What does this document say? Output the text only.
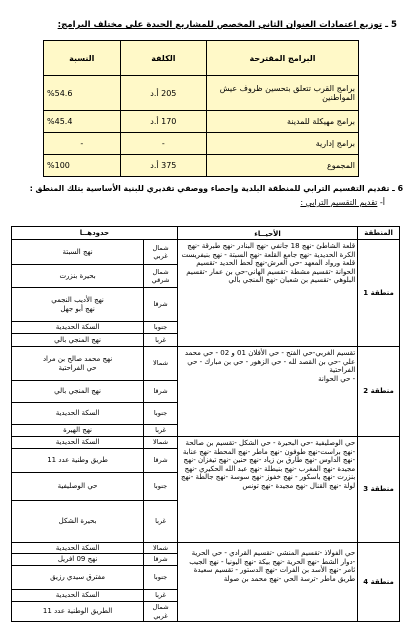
5 ـ توزيع اعتمادات العنوان الثاني المخصص للمشاريع الجيدة على مختلف البرامج:
البرامج المقترحة	الكلفة	النسبة
برامج القرب تتعلق بتحسين ظروف عيش المواطنين	205 أ.د	%54.6
برامج مهيكلة للمدينة	170 أ.د	%45.4
برامج إدارية	-	-
المجموع	375 أ.د	%100
6 ـ تقديم التقسيم الترابي للمنطقة البلدية وإحصاء ووصفي تقديري للبنية الأساسية بتلك المنطق :
أ- تقديم التقسيم الترابي :
المنطقة	الأحيــاء	حدودهــا	
منطقة 1	قلعة الشاطئ -نهج 18 جانفي -نهج البنادر -نهج طبرقة -نهج الكرة الحديدية -نهج جامع القلعة -نهج السبتة - نهج بنيفريست قلعة ورواد المعهد -حي العرش-نهج لحط الحديد -تقسيم الحوانة -تقسيم مشطة -تقسيم الهاني-حي بن عمار -تقسيم البلوهي -تقسيم بن شعبان -نهج المنجي بالي	شمال غربي	نهج السبتة
		شمال شرقي	بحيرة بنزرت
		شرقا	نهج الأديب النجمي
نهج أبو جهل
		جنوبا	السكة الحديدية
		غربا	نهج المنجي بالي
منطقة 2	تقسيم الغربي-حي الفتح - حي الأفلان 01 و 02 - حي محمد علي -حي بن القصد لله - حي الزهور - حي بن مبارك - حي الفراحتية
- حي الحوانة	شمالا	نهج محمد صالح بن مراد
حي الفراحتية
		شرقا	نهج المنجي بالي
		جنوبا	السكة الحديدية
		غربا	نهج الهيرة
منطقة 3	حي الوصليفية -حي البحيرة - حي الشكل -تقسيم بن صالحة -نهج براست-نهج طوفون -نهج ماطر -نهج المحطة -نهج عنابة -نهج الداوس -نهج طارق بن زياد -نهج حنين -نهج تيغزان -نهج مجيدة -نهج المغرب -نهج بنيطلة -نهج عبد الله الحكيري -نهج بنزرت -نهج باسكور - نهج خفوز -نهج سوسة -نهج جالطة -نهج لولة -نهج القنال -نهج مجيدة -نهج تونس	شمالا	السكة الحديدية
		شرقا	طريق وطنية عدد 11
		جنوبا	حي الوصليفية
		غربا	بحيرة الشكل
منطقة 4	حي الفولاذ -تقسيم المنشي -تقسيم القرادي - حي الحرية -دوار الشط -نهج الحرية -نهج بيكة -نهج اليونيا - نهج الجيب ثامر -نهج الأسد بن الفرات -نهج الدستور - تقسيم سعيدة طريق ماطر -ترسة الحي -نهج محمد بن صولة	شمالا	السكة الحديدية
		شرقا	نهج 09 افريل
		جنوبا	مفترق سيدي رزيق
		غربا	السكة الحديدية
		شمال غربي	الطريق الوطنية عدد 11
